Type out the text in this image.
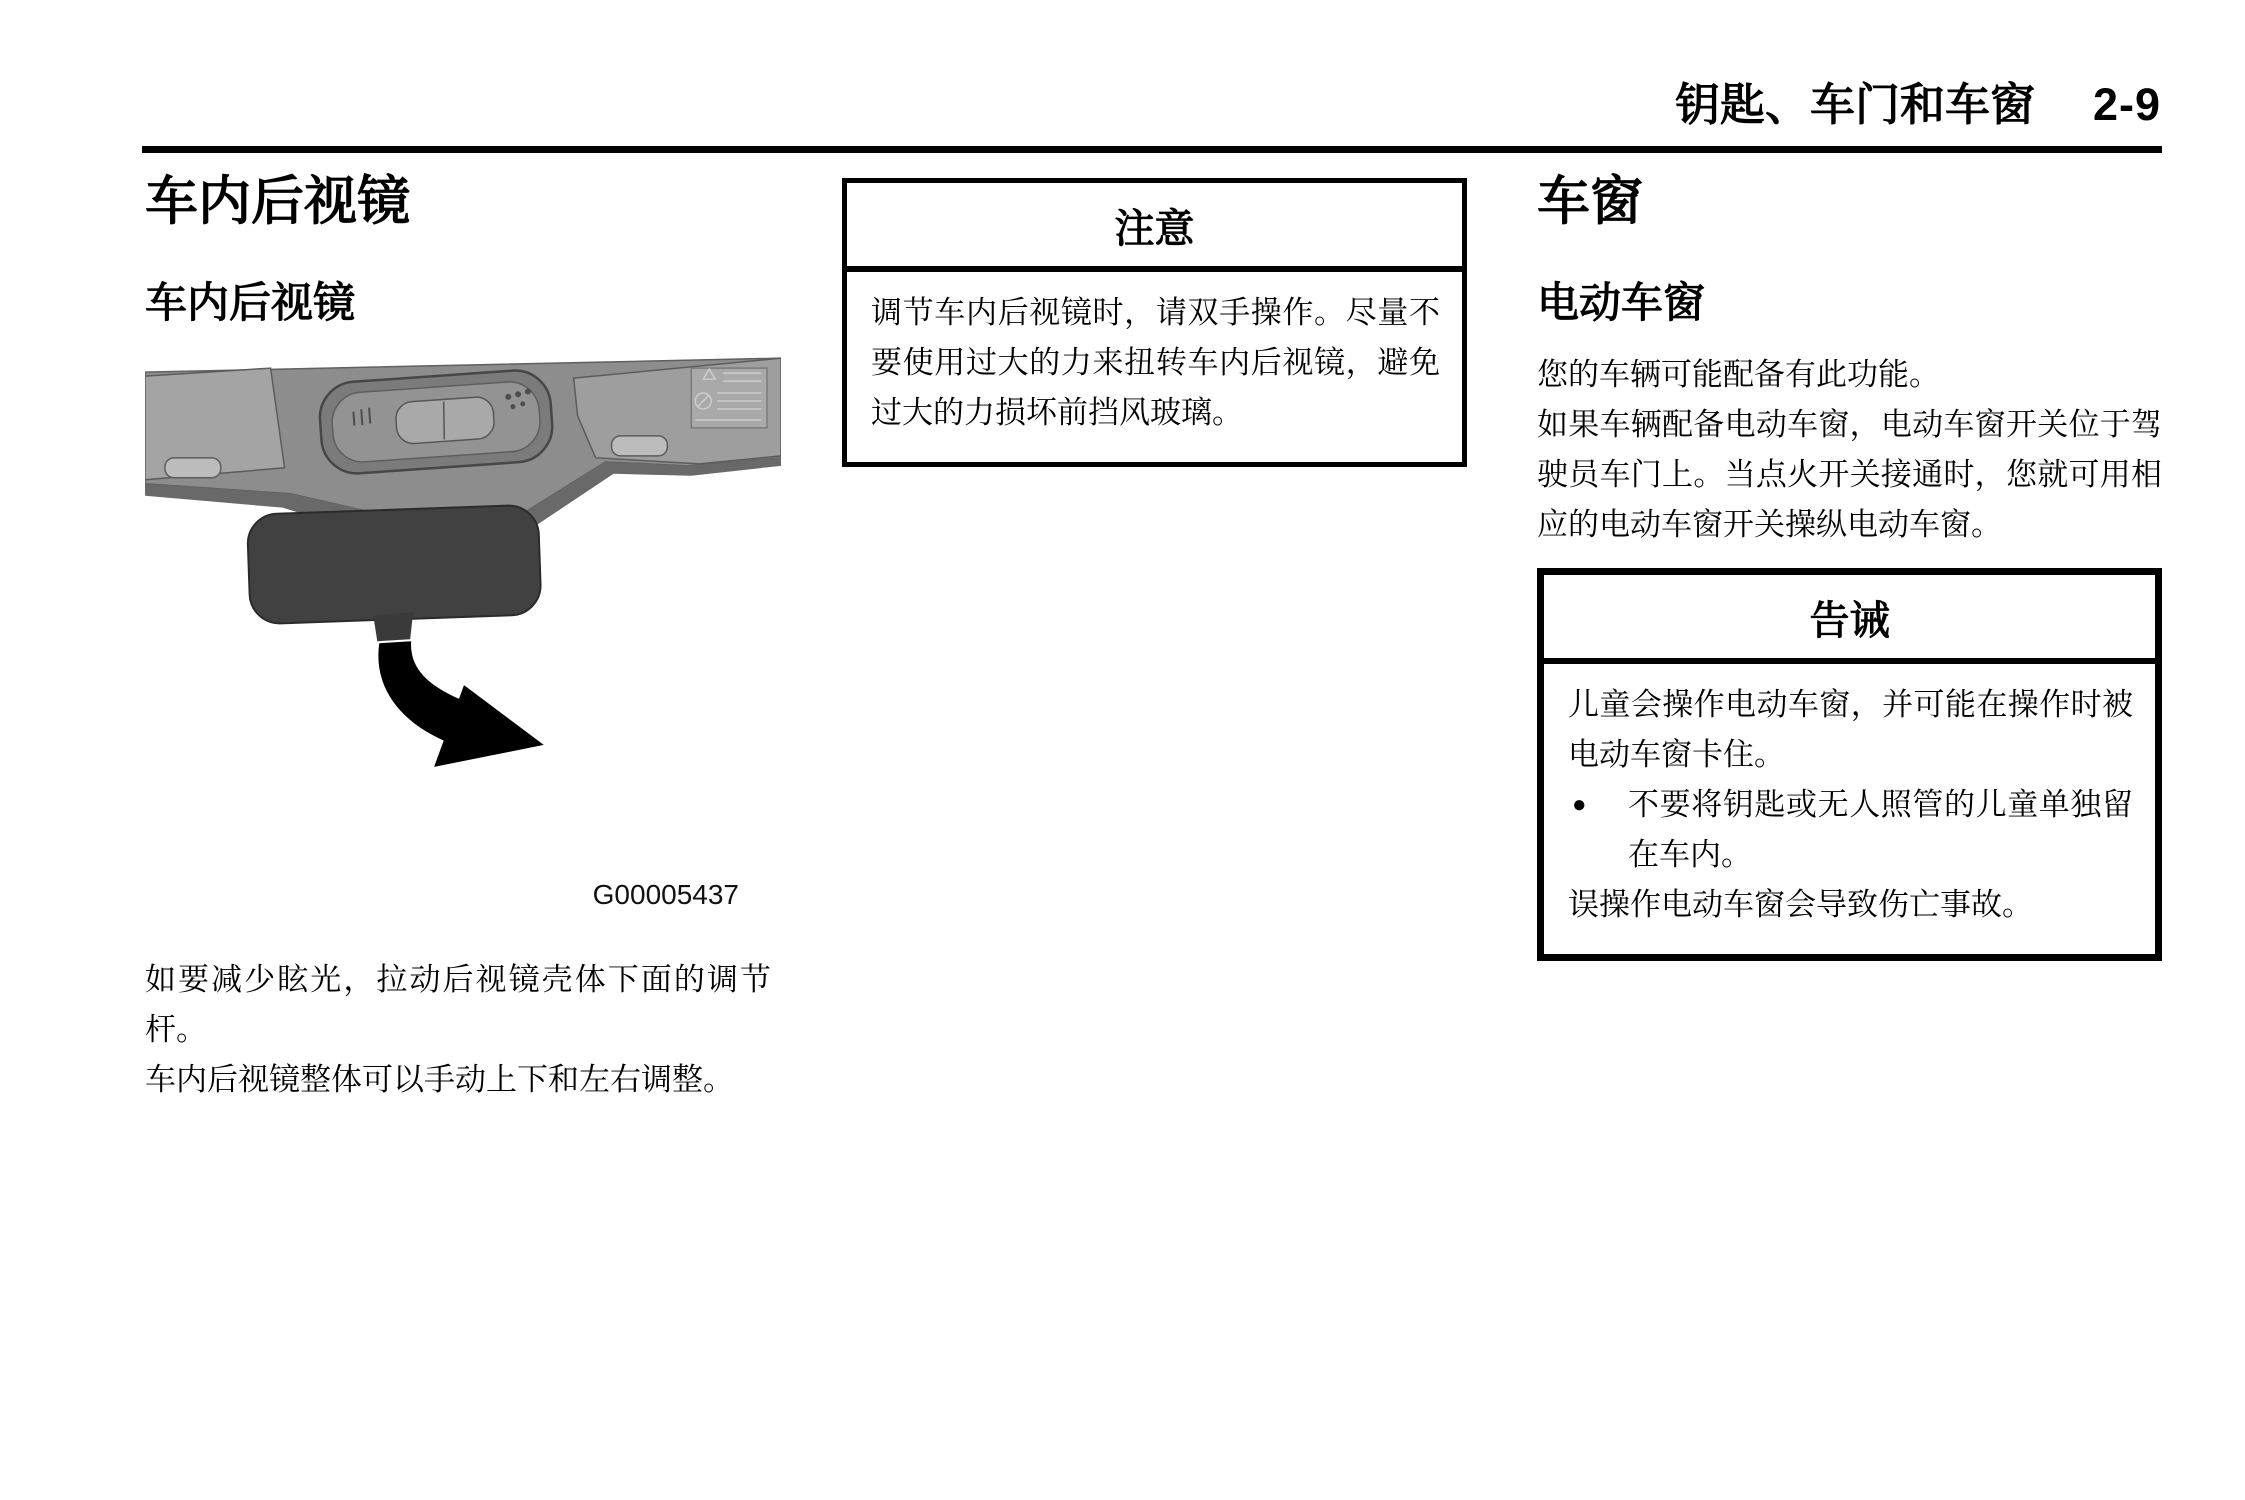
钥匙、车门和车窗 2-9
车内后视镜
车内后视镜
G00005437

如要减少眩光，拉动后视镜壳体下面的调节杆。

车内后视镜整体可以手动上下和左右调整。

注意

调节车内后视镜时，请双手操作。尽量不要使用过大的力来扭转车内后视镜，避免过大的力损坏前挡风玻璃。

车窗
电动车窗

您的车辆可能配备有此功能。

如果车辆配备电动车窗，电动车窗开关位于驾驶员车门上。当点火开关接通时，您就可用相应的电动车窗开关操纵电动车窗。

告诫

儿童会操作电动车窗，并可能在操作时被电动车窗卡住。

●	不要将钥匙或无人照管的儿童单独留在车内。

误操作电动车窗会导致伤亡事故。
